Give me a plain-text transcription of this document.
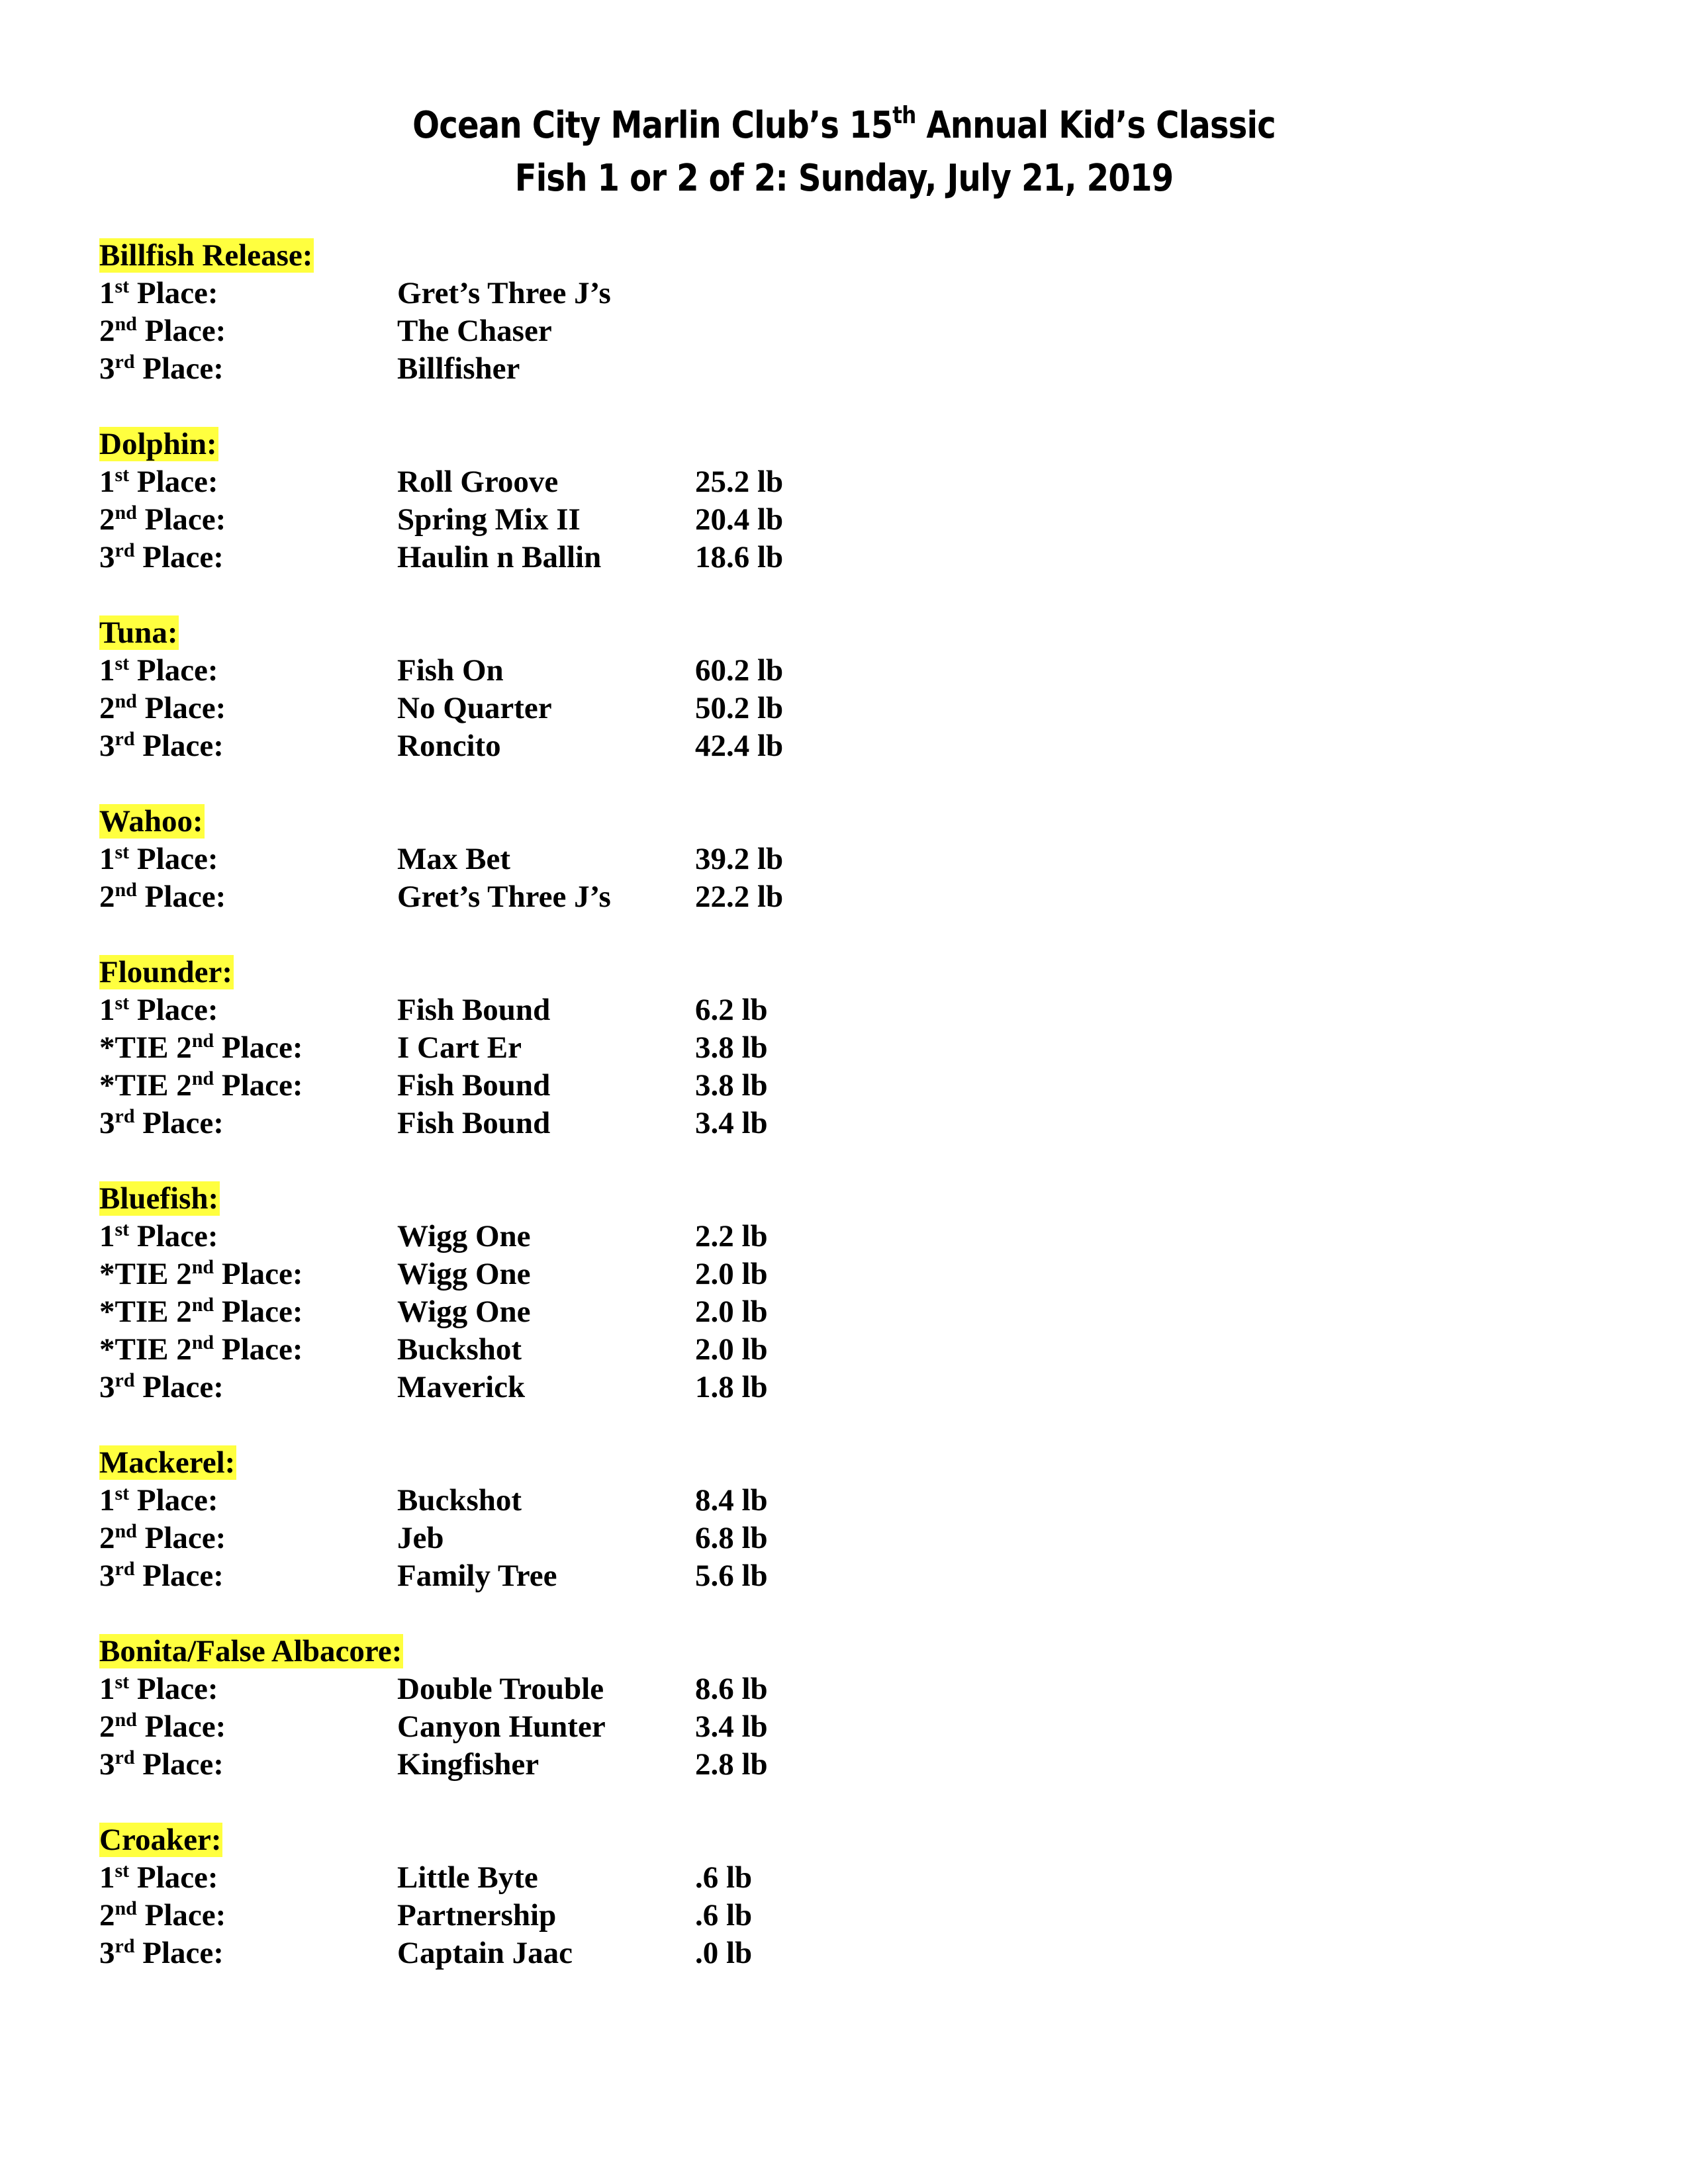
Ocean City Marlin Club’s 15th Annual Kid’s Classic
Fish 1 or 2 of 2: Sunday, July 21, 2019
Billfish Release:
1st Place:	Gret’s Three J’s
2nd Place:	The Chaser
3rd Place:	Billfisher
Dolphin:
1st Place:	Roll Groove	25.2 lb
2nd Place:	Spring Mix II	20.4 lb
3rd Place:	Haulin n Ballin	18.6 lb
Tuna:
1st Place:	Fish On	60.2 lb
2nd Place:	No Quarter	50.2 lb
3rd Place:	Roncito	42.4 lb
Wahoo:
1st Place:	Max Bet	39.2 lb
2nd Place:	Gret’s Three J’s	22.2 lb
Flounder:
1st Place:	Fish Bound	6.2 lb
*TIE 2nd Place:	I Cart Er	3.8 lb
*TIE 2nd Place:	Fish Bound	3.8 lb
3rd Place:	Fish Bound	3.4 lb
Bluefish:
1st Place:	Wigg One	2.2 lb
*TIE 2nd Place:	Wigg One	2.0 lb
*TIE 2nd Place:	Wigg One	2.0 lb
*TIE 2nd Place:	Buckshot	2.0 lb
3rd Place:	Maverick	1.8 lb
Mackerel:
1st Place:	Buckshot	8.4 lb
2nd Place:	Jeb	6.8 lb
3rd Place:	Family Tree	5.6 lb
Bonita/False Albacore:
1st Place:	Double Trouble	8.6 lb
2nd Place:	Canyon Hunter	3.4 lb
3rd Place:	Kingfisher	2.8 lb
Croaker:
1st Place:	Little Byte	.6 lb
2nd Place:	Partnership	.6 lb
3rd Place:	Captain Jaac	.0 lb
